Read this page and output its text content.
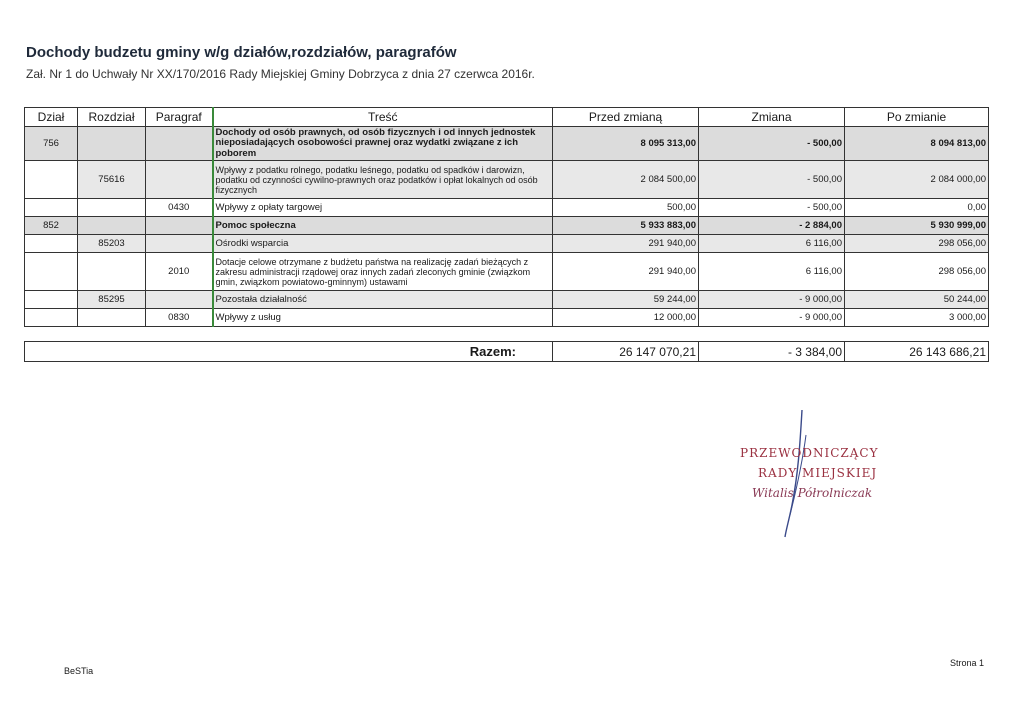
Dochody budzetu gminy w/g działów,rozdziałów, paragrafów
Zał. Nr 1 do Uchwały Nr XX/170/2016 Rady Miejskiej Gminy Dobrzyca z dnia 27 czerwca 2016r.
Dział	Rozdział	Paragraf	Treść	Przed zmianą	Zmiana	Po zmianie
756			Dochody od osób prawnych, od osób fizycznych i od innych jednostek nieposiadających osobowości prawnej oraz wydatki związane z ich poborem	8 095 313,00	- 500,00	8 094 813,00
	75616		Wpływy z podatku rolnego, podatku leśnego, podatku od spadków i darowizn, podatku od czynności cywilno-prawnych oraz podatków i opłat lokalnych od osób fizycznych	2 084 500,00	- 500,00	2 084 000,00
		0430	Wpływy z opłaty targowej	500,00	- 500,00	0,00
852			Pomoc społeczna	5 933 883,00	- 2 884,00	5 930 999,00
	85203		Ośrodki wsparcia	291 940,00	6 116,00	298 056,00
		2010	Dotacje celowe otrzymane z budżetu państwa na realizację zadań bieżących z zakresu administracji rządowej oraz innych zadań zleconych gminie (związkom gmin, związkom powiatowo-gminnym) ustawami	291 940,00	6 116,00	298 056,00
	85295		Pozostała działalność	59 244,00	- 9 000,00	50 244,00
		0830	Wpływy z usług	12 000,00	- 9 000,00	3 000,00
Razem:	26 147 070,21	- 3 384,00	26 143 686,21
PRZEWODNICZĄCY
RADY MIEJSKIEJ
Witalis Półrolniczak
BeSTia
Strona 1
